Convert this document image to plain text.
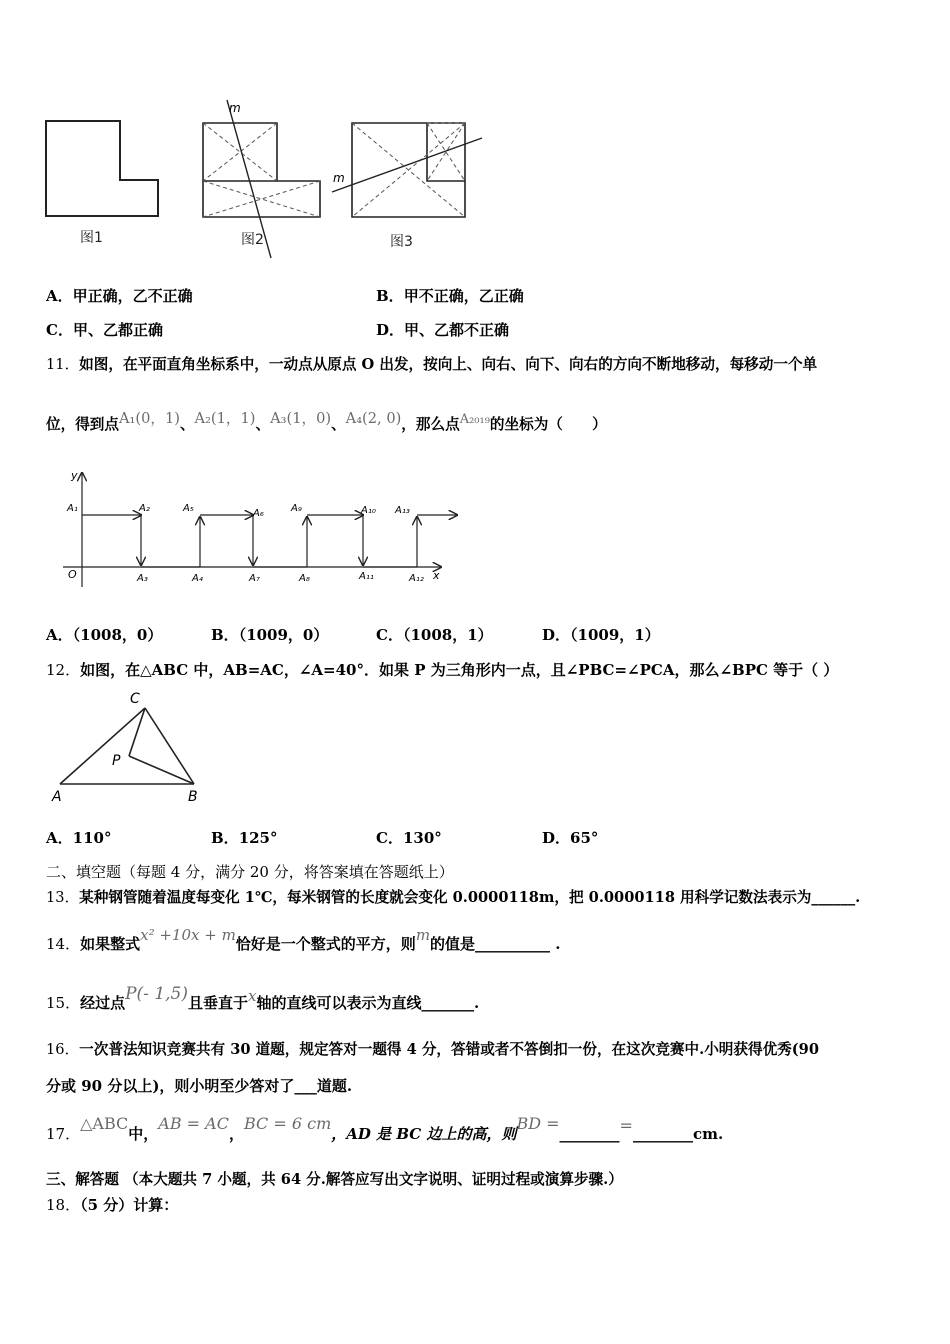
图1
m
图2
m
图3
A．甲正确，乙不正确	B．甲不正确，乙正确
C．甲、乙都正确	D．甲、乙都不正确
11．如图，在平面直角坐标系中，一动点从原点 O 出发，按向上、向右、向下、向右的方向不断地移动，每移动一个单
位，得到点A₁(0，1)、A₂(1，1)、A₃(1，0)、A₄(2, 0)，那么点A₂₀₁₉的坐标为（　　）
y
x
O
A₁	A₂	A₅	A₆	A₉	A₁₀ A₁₃
A₃	A₄	A₇	A₈	A₁₁	A₁₂
A．（1008，0）	B．（1009，0）	C．（1008，1）	D．（1009，1）
12．如图，在△ABC 中，AB=AC，∠A=40°．如果 P 为三角形内一点，且∠PBC=∠PCA，那么∠BPC 等于（ ）
C
P
A	B
A．110°	B．125°	C．130°	D．65°
二、填空题（每题 4 分，满分 20 分，将答案填在答题纸上）
13．某种钢管随着温度每变化 1℃，每米钢管的长度就会变化 0.0000118m，把 0.0000118 用科学记数法表示为______.
14．如果整式x² +10x + m恰好是一个整式的平方，则m的值是__________ .
15．经过点P(- 1,5)且垂直于x轴的直线可以表示为直线_______.
16．一次普法知识竞赛共有 30 道题，规定答对一题得 4 分，答错或者不答倒扣一份，在这次竞赛中.小明获得优秀(90
分或 90 分以上)，则小明至少答对了___道题.
17．△ABC中，AB = AC，BC = 6 cm，AD 是 BC 边上的高，则BD =________=________cm.
三、解答题 （本大题共 7 小题，共 64 分.解答应写出文字说明、证明过程或演算步骤.）
18．（5 分）计算：
